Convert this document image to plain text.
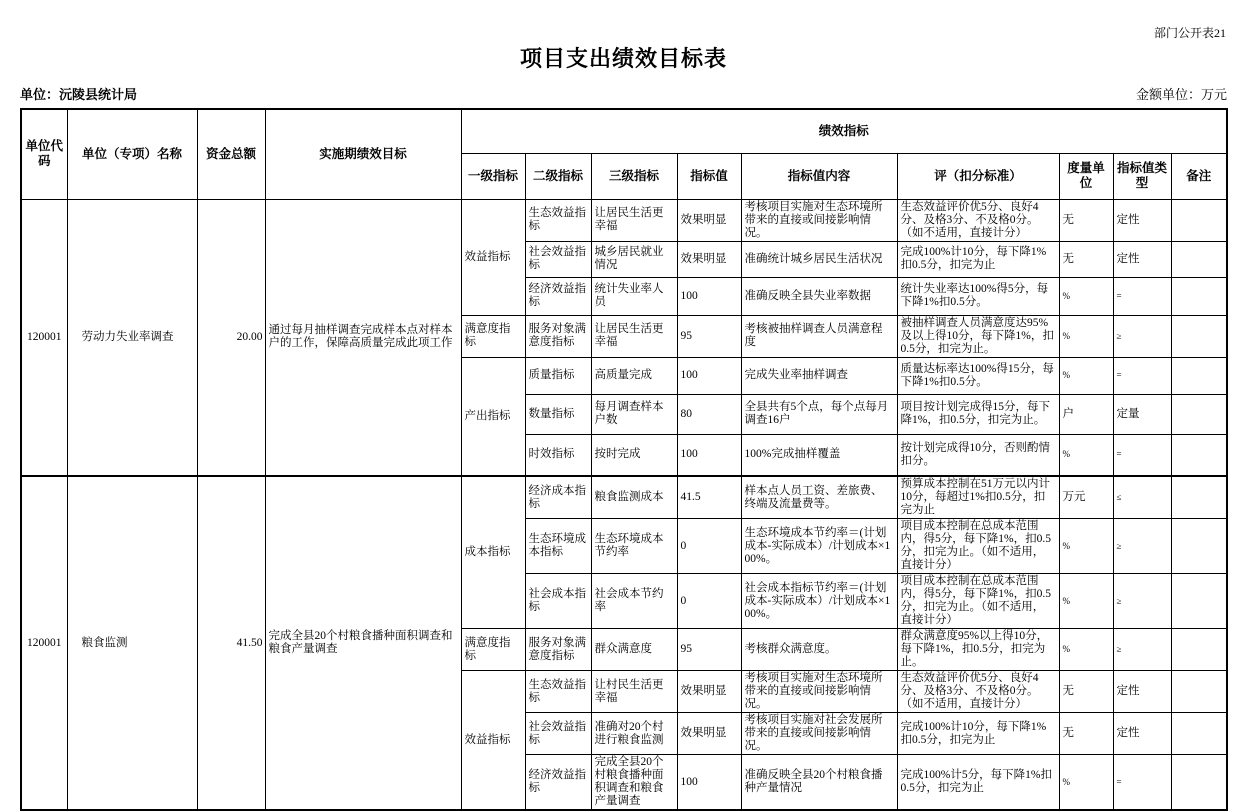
部门公开表21
项目支出绩效目标表
单位：沅陵县统计局	金额单位：万元
单位代码	单位（专项）名称	资金总额	实施期绩效目标	绩效指标								
				一级指标	二级指标	三级指标	指标值	指标值内容	评（扣分标准）	度量单位	指标值类型	备注
120001	劳动力失业率调查	20.00	通过每月抽样调查完成样本点对样本户的工作，保障高质量完成此项工作	效益指标	生态效益指标	让居民生活更幸福	效果明显	考核项目实施对生态环境所带来的直接或间接影响情况。	生态效益评价优5分、良好4分、及格3分、不及格0分。（如不适用，直接计分）	无	定性	
					社会效益指标	城乡居民就业情况	效果明显	准确统计城乡居民生活状况	完成100%计10分，每下降1%扣0.5分，扣完为止	无	定性	
					经济效益指标	统计失业率人员	100	准确反映全县失业率数据	统计失业率达100%得5分，每下降1%扣0.5分。	%	=	
				满意度指标	服务对象满意度指标	让居民生活更幸福	95	考核被抽样调查人员满意程度	被抽样调查人员满意度达95%及以上得10分，每下降1%，扣0.5分，扣完为止。	%	≥	
				产出指标	质量指标	高质量完成	100	完成失业率抽样调查	质量达标率达100%得15分，每下降1%扣0.5分。	%	=	
					数量指标	每月调查样本户数	80	全县共有5个点，每个点每月调查16户	项目按计划完成得15分，每下降1%，扣0.5分，扣完为止。	户	定量	
					时效指标	按时完成	100	100%完成抽样覆盖	按计划完成得10分，否则酌情扣分。	%	=	
120001	粮食监测	41.50	完成全县20个村粮食播种面积调查和粮食产量调查	成本指标	经济成本指标	粮食监测成本	41.5	样本点人员工资、差旅费、终端及流量费等。	预算成本控制在51万元以内计10分，每超过1%扣0.5分，扣完为止	万元	≤	
					生态环境成本指标	生态环境成本节约率	0	生态环境成本节约率＝(计划成本-实际成本）/计划成本×100%。	项目成本控制在总成本范围内，得5分，每下降1%，扣0.5分，扣完为止。（如不适用，直接计分）	%	≥	
					社会成本指标	社会成本节约率	0	社会成本指标节约率＝(计划成本-实际成本）/计划成本×100%。	项目成本控制在总成本范围内，得5分，每下降1%，扣0.5分，扣完为止。（如不适用，直接计分）	%	≥	
				满意度指标	服务对象满意度指标	群众满意度	95	考核群众满意度。	群众满意度95%以上得10分，每下降1%，扣0.5分，扣完为止。	%	≥	
				效益指标	生态效益指标	让村民生活更幸福	效果明显	考核项目实施对生态环境所带来的直接或间接影响情况。	生态效益评价优5分、良好4分、及格3分、不及格0分。（如不适用，直接计分）	无	定性	
					社会效益指标	准确对20个村进行粮食监测	效果明显	考核项目实施对社会发展所带来的直接或间接影响情况。	完成100%计10分，每下降1%扣0.5分，扣完为止	无	定性	
					经济效益指标	完成全县20个村粮食播种面积调查和粮食产量调查	100	准确反映全县20个村粮食播种产量情况	完成100%计5分，每下降1%扣0.5分，扣完为止	%	=	
